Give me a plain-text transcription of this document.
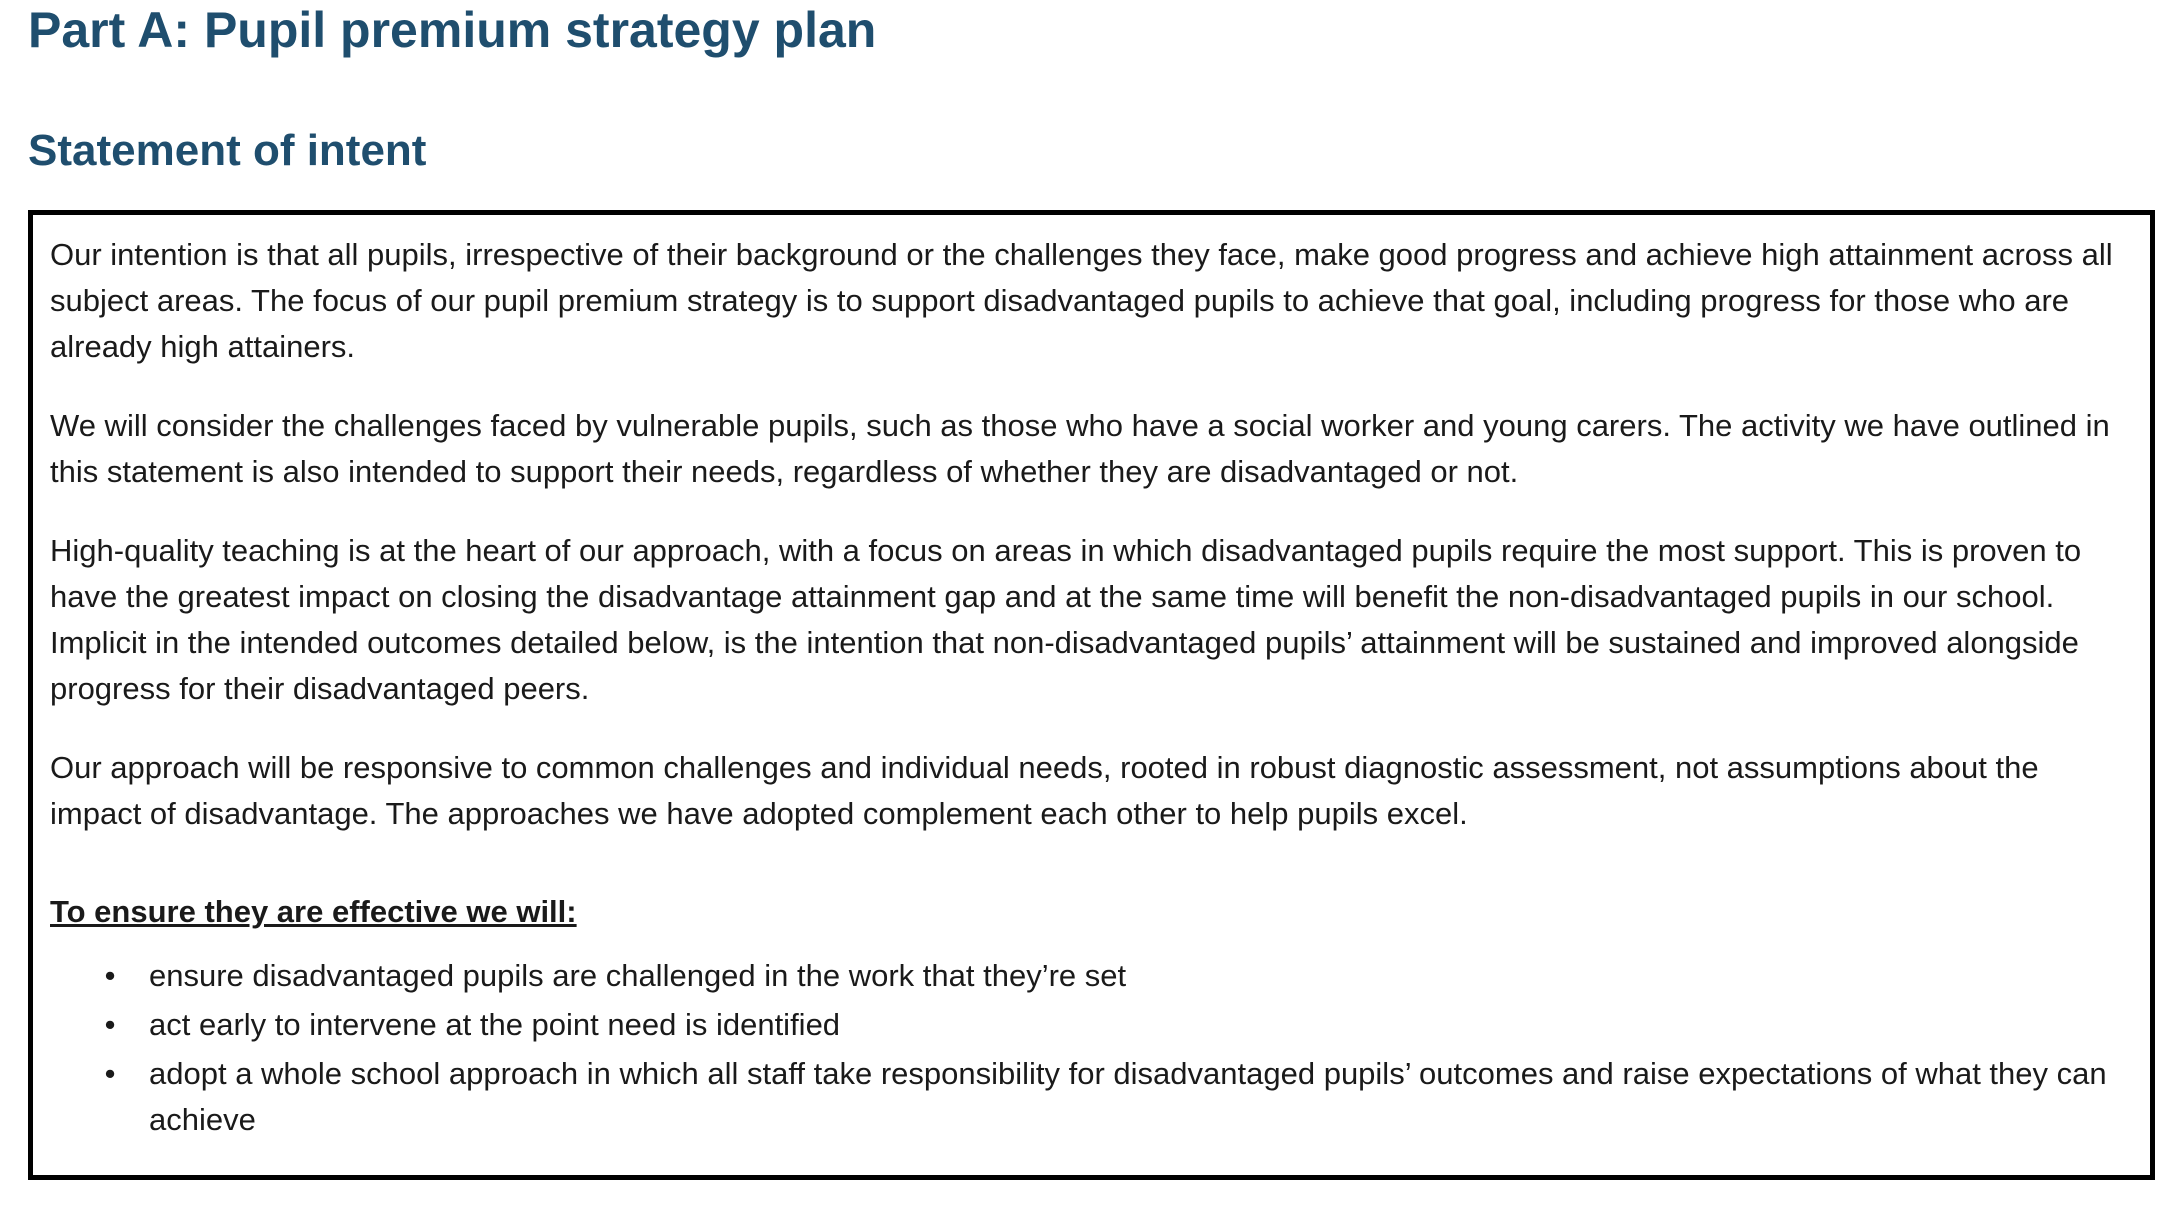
Part A: Pupil premium strategy plan
Statement of intent

Our intention is that all pupils, irrespective of their background or the challenges they face, make good progress and achieve high attainment across all subject areas. The focus of our pupil premium strategy is to support disadvantaged pupils to achieve that goal, including progress for those who are already high attainers.

We will consider the challenges faced by vulnerable pupils, such as those who have a social worker and young carers. The activity we have outlined in this statement is also intended to support their needs, regardless of whether they are disadvantaged or not.

High-quality teaching is at the heart of our approach, with a focus on areas in which disadvantaged pupils require the most support. This is proven to have the greatest impact on closing the disadvantage attainment gap and at the same time will benefit the non-disadvantaged pupils in our school. Implicit in the intended outcomes detailed below, is the intention that non-disadvantaged pupils’ attainment will be sustained and improved alongside progress for their disadvantaged peers.

Our approach will be responsive to common challenges and individual needs, rooted in robust diagnostic assessment, not assumptions about the impact of disadvantage. The approaches we have adopted complement each other to help pupils excel.

To ensure they are effective we will:

• ensure disadvantaged pupils are challenged in the work that they’re set
• act early to intervene at the point need is identified
• adopt a whole school approach in which all staff take responsibility for disadvantaged pupils’ outcomes and raise expectations of what they can achieve
